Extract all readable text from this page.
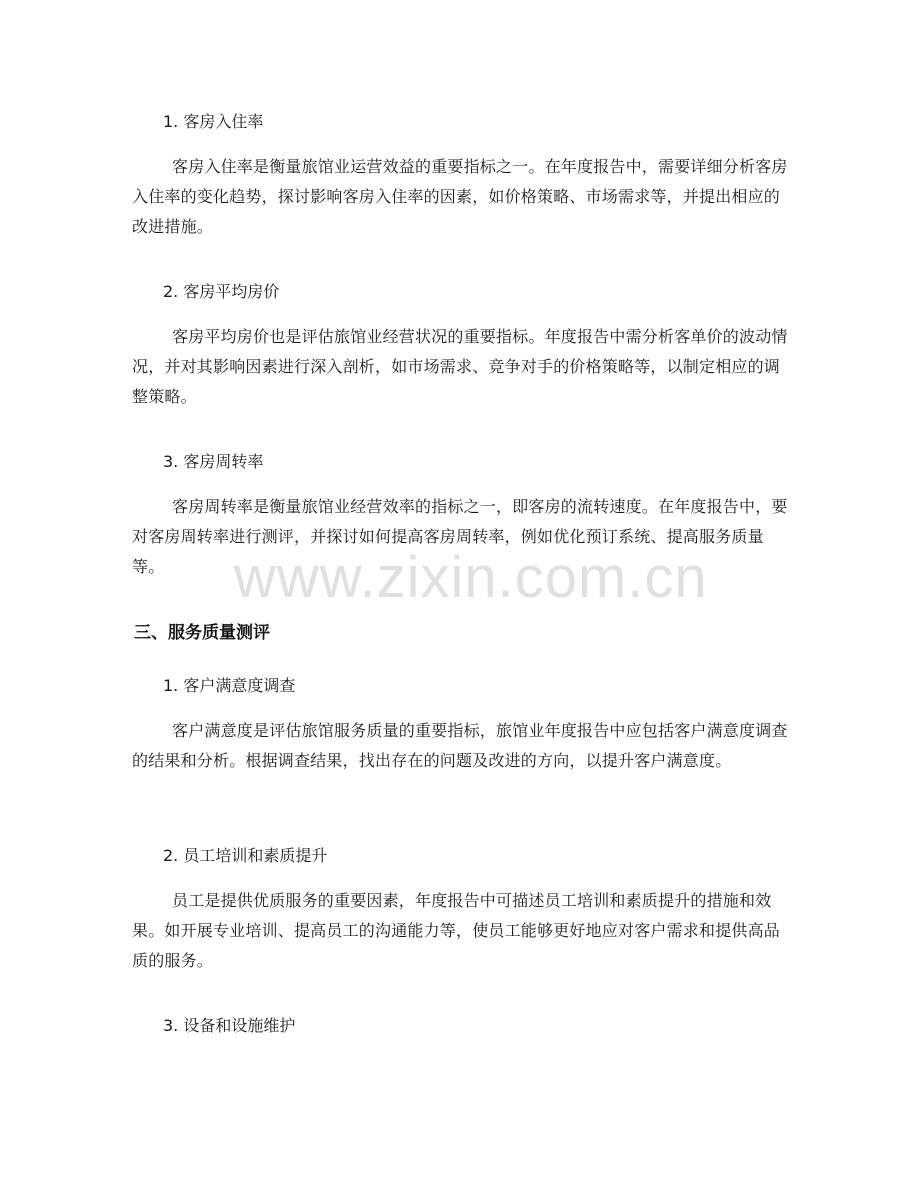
1. 客房入住率

客房入住率是衡量旅馆业运营效益的重要指标之一。在年度报告中，需要详细分析客房入住率的变化趋势，探讨影响客房入住率的因素，如价格策略、市场需求等，并提出相应的改进措施。

2. 客房平均房价

客房平均房价也是评估旅馆业经营状况的重要指标。年度报告中需分析客单价的波动情况，并对其影响因素进行深入剖析，如市场需求、竞争对手的价格策略等，以制定相应的调整策略。

3. 客房周转率

客房周转率是衡量旅馆业经营效率的指标之一，即客房的流转速度。在年度报告中，要对客房周转率进行测评，并探讨如何提高客房周转率，例如优化预订系统、提高服务质量等。

三、服务质量测评
1. 客户满意度调查

客户满意度是评估旅馆服务质量的重要指标，旅馆业年度报告中应包括客户满意度调查的结果和分析。根据调查结果，找出存在的问题及改进的方向，以提升客户满意度。

2. 员工培训和素质提升

员工是提供优质服务的重要因素，年度报告中可描述员工培训和素质提升的措施和效果。如开展专业培训、提高员工的沟通能力等，使员工能够更好地应对客户需求和提供高品质的服务。

3. 设备和设施维护
www.zixin.com.cn
